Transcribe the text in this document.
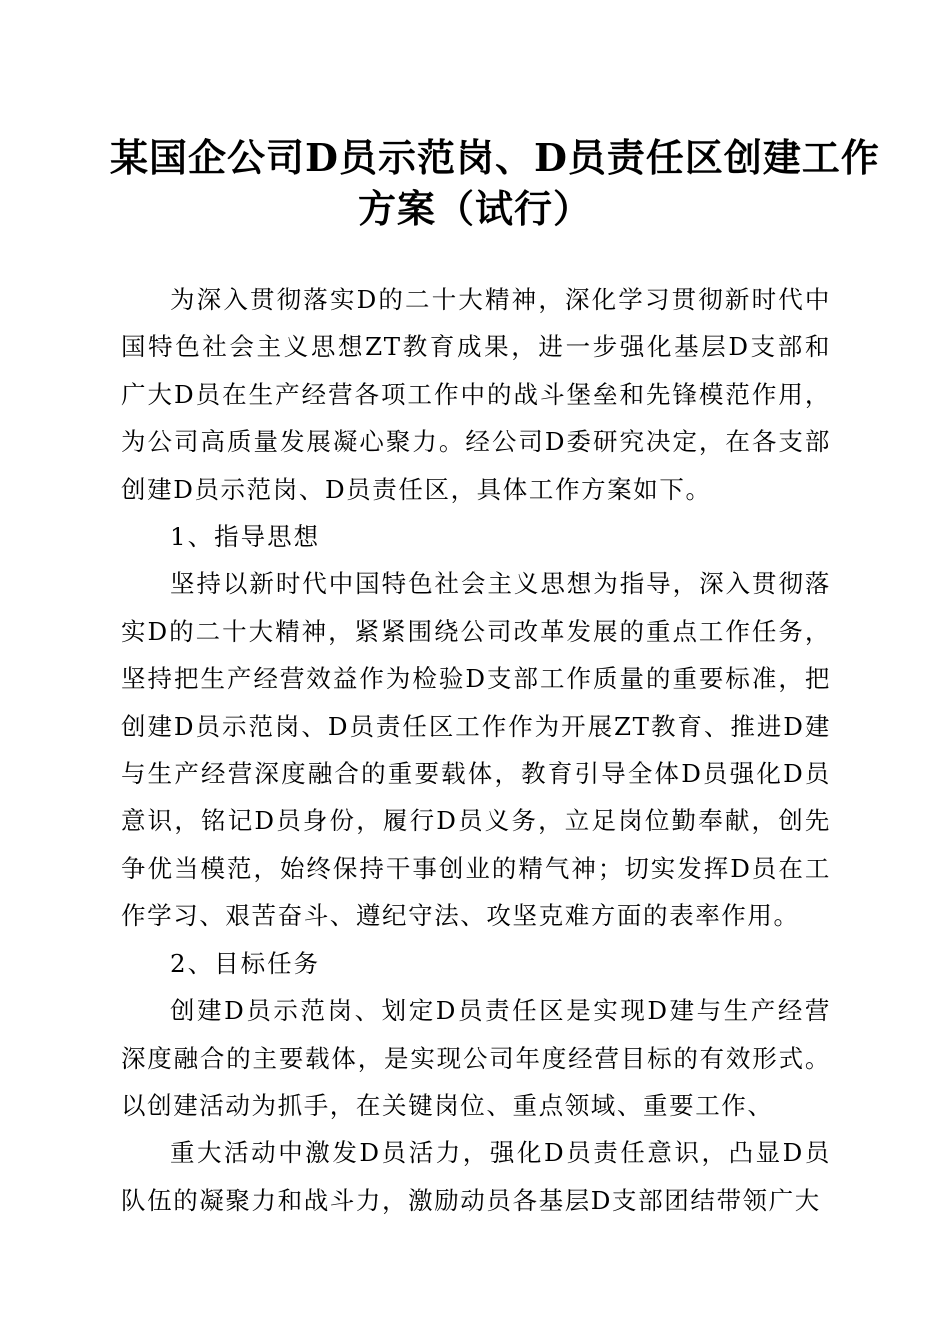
某国企公司D员示范岗、D员责任区创建工作
方案（试行）

为深入贯彻落实D的二十大精神，深化学习贯彻新时代中国特色社会主义思想ZT教育成果，进一步强化基层D支部和广大D员在生产经营各项工作中的战斗堡垒和先锋模范作用，为公司高质量发展凝心聚力。经公司D委研究决定，在各支部创建D员示范岗、D员责任区，具体工作方案如下。

1、指导思想

坚持以新时代中国特色社会主义思想为指导，深入贯彻落实D的二十大精神，紧紧围绕公司改革发展的重点工作任务，坚持把生产经营效益作为检验D支部工作质量的重要标准，把创建D员示范岗、D员责任区工作作为开展ZT教育、推进D建与生产经营深度融合的重要载体，教育引导全体D员强化D员意识，铭记D员身份，履行D员义务，立足岗位勤奉献，创先争优当模范，始终保持干事创业的精气神；切实发挥D员在工作学习、艰苦奋斗、遵纪守法、攻坚克难方面的表率作用。

2、目标任务

创建D员示范岗、划定D员责任区是实现D建与生产经营深度融合的主要载体，是实现公司年度经营目标的有效形式。以创建活动为抓手，在关键岗位、重点领域、重要工作、

重大活动中激发D员活力，强化D员责任意识，凸显D员队伍的凝聚力和战斗力，激励动员各基层D支部团结带领广大
